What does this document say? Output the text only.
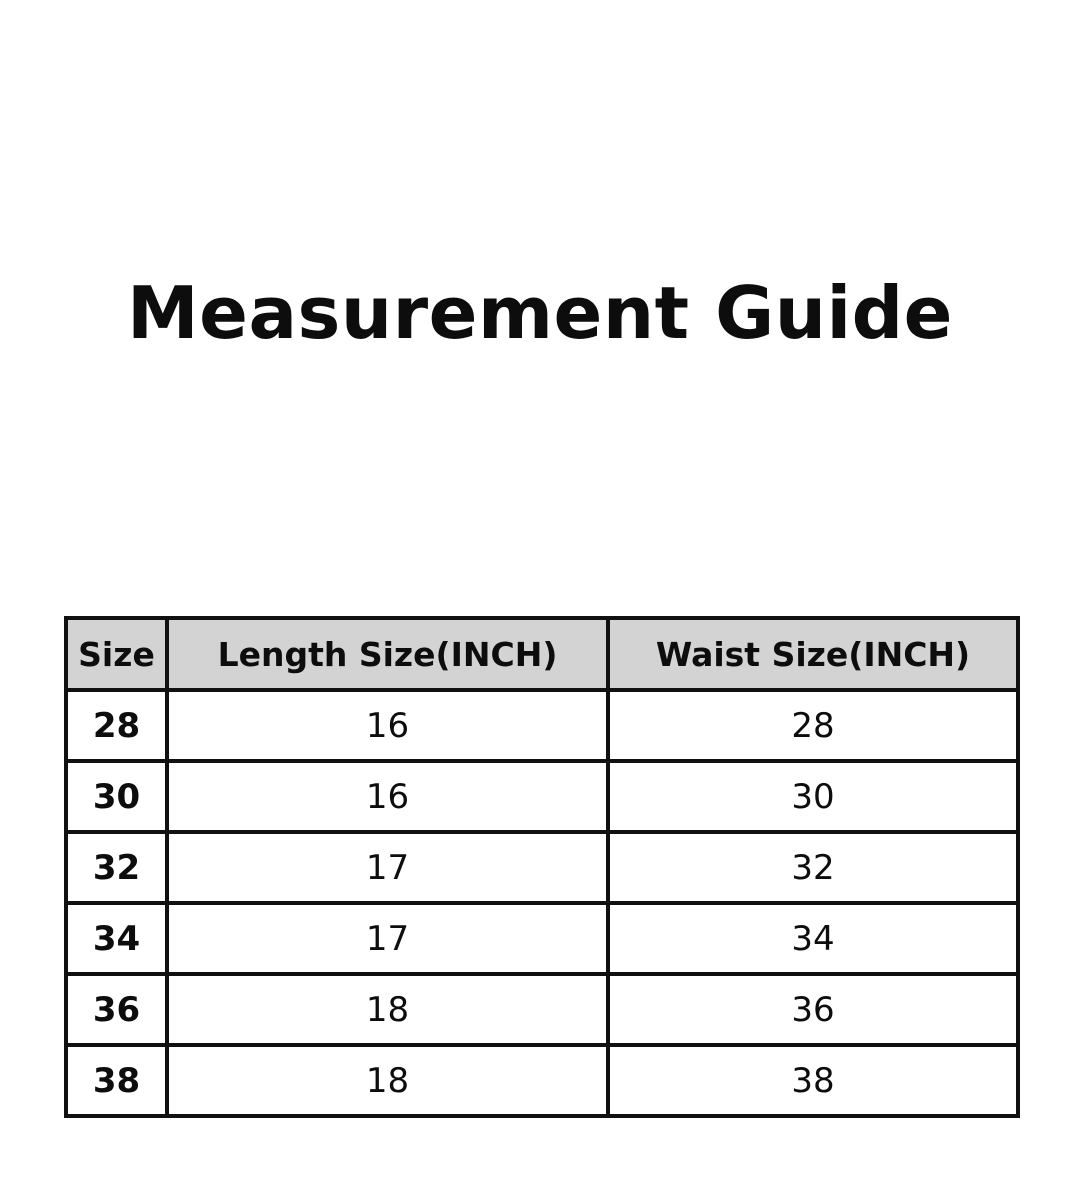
Measurement Guide
Size	Length Size(INCH)	Waist Size(INCH)
28	16	28
30	16	30
32	17	32
34	17	34
36	18	36
38	18	38
